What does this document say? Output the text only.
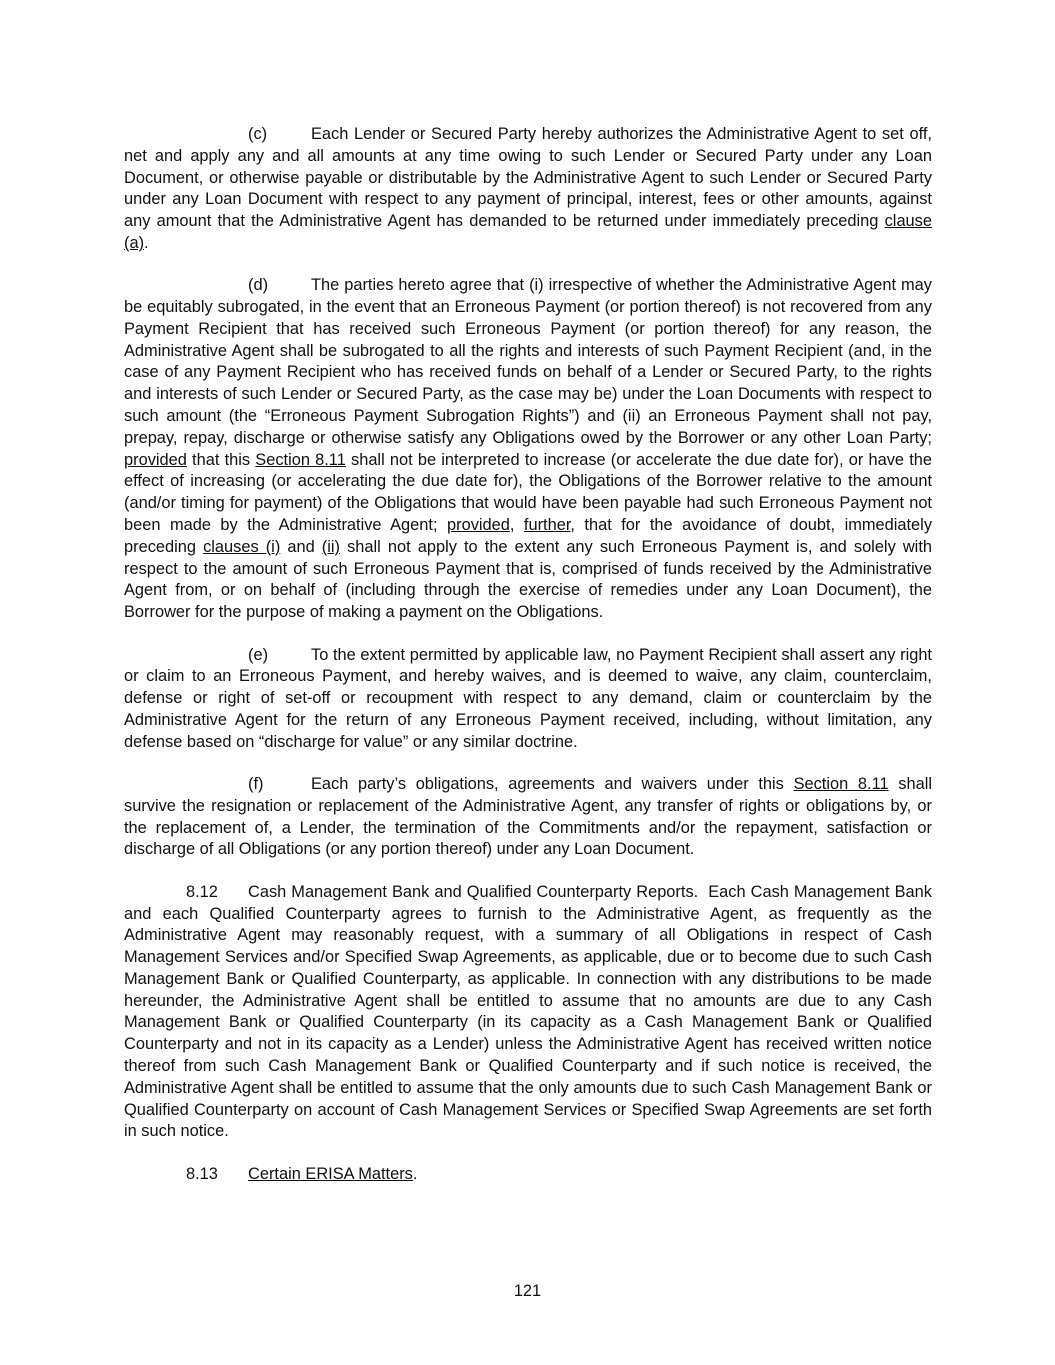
(c)	Each Lender or Secured Party hereby authorizes the Administrative Agent to set off, net and apply any and all amounts at any time owing to such Lender or Secured Party under any Loan Document, or otherwise payable or distributable by the Administrative Agent to such Lender or Secured Party under any Loan Document with respect to any payment of principal, interest, fees or other amounts, against any amount that the Administrative Agent has demanded to be returned under immediately preceding clause (a).

(d)	The parties hereto agree that (i) irrespective of whether the Administrative Agent may be equitably subrogated, in the event that an Erroneous Payment (or portion thereof) is not recovered from any Payment Recipient that has received such Erroneous Payment (or portion thereof) for any reason, the Administrative Agent shall be subrogated to all the rights and interests of such Payment Recipient (and, in the case of any Payment Recipient who has received funds on behalf of a Lender or Secured Party, to the rights and interests of such Lender or Secured Party, as the case may be) under the Loan Documents with respect to such amount (the “Erroneous Payment Subrogation Rights”) and (ii) an Erroneous Payment shall not pay, prepay, repay, discharge or otherwise satisfy any Obligations owed by the Borrower or any other Loan Party; provided that this Section 8.11 shall not be interpreted to increase (or accelerate the due date for), or have the effect of increasing (or accelerating the due date for), the Obligations of the Borrower relative to the amount (and/or timing for payment) of the Obligations that would have been payable had such Erroneous Payment not been made by the Administrative Agent; provided, further, that for the avoidance of doubt, immediately preceding clauses (i) and (ii) shall not apply to the extent any such Erroneous Payment is, and solely with respect to the amount of such Erroneous Payment that is, comprised of funds received by the Administrative Agent from, or on behalf of (including through the exercise of remedies under any Loan Document), the Borrower for the purpose of making a payment on the Obligations.

(e)	To the extent permitted by applicable law, no Payment Recipient shall assert any right or claim to an Erroneous Payment, and hereby waives, and is deemed to waive, any claim, counterclaim, defense or right of set-off or recoupment with respect to any demand, claim or counterclaim by the Administrative Agent for the return of any Erroneous Payment received, including, without limitation, any defense based on “discharge for value” or any similar doctrine.

(f)	Each party’s obligations, agreements and waivers under this Section 8.11 shall survive the resignation or replacement of the Administrative Agent, any transfer of rights or obligations by, or the replacement of, a Lender, the termination of the Commitments and/or the repayment, satisfaction or discharge of all Obligations (or any portion thereof) under any Loan Document.

8.12 Cash Management Bank and Qualified Counterparty Reports. Each Cash Management Bank and each Qualified Counterparty agrees to furnish to the Administrative Agent, as frequently as the Administrative Agent may reasonably request, with a summary of all Obligations in respect of Cash Management Services and/or Specified Swap Agreements, as applicable, due or to become due to such Cash Management Bank or Qualified Counterparty, as applicable. In connection with any distributions to be made hereunder, the Administrative Agent shall be entitled to assume that no amounts are due to any Cash Management Bank or Qualified Counterparty (in its capacity as a Cash Management Bank or Qualified Counterparty and not in its capacity as a Lender) unless the Administrative Agent has received written notice thereof from such Cash Management Bank or Qualified Counterparty and if such notice is received, the Administrative Agent shall be entitled to assume that the only amounts due to such Cash Management Bank or Qualified Counterparty on account of Cash Management Services or Specified Swap Agreements are set forth in such notice.

8.13 Certain ERISA Matters.

121
